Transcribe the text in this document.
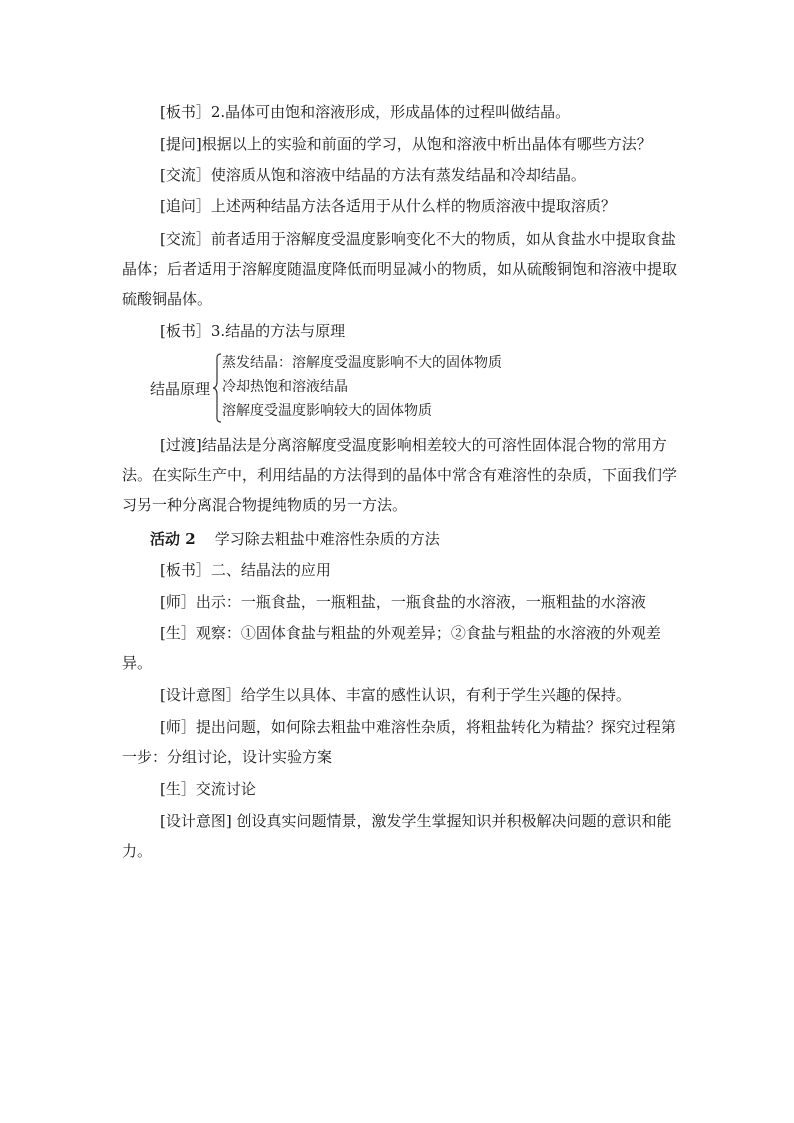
[板书］2.晶体可由饱和溶液形成，形成晶体的过程叫做结晶。

[提问]根据以上的实验和前面的学习，从饱和溶液中析出晶体有哪些方法？

[交流］使溶质从饱和溶液中结晶的方法有蒸发结晶和冷却结晶。

[追问］上述两种结晶方法各适用于从什么样的物质溶液中提取溶质？

[交流］前者适用于溶解度受温度影响变化不大的物质，如从食盐水中提取食盐晶体；后者适用于溶解度随温度降低而明显减小的物质，如从硫酸铜饱和溶液中提取硫酸铜晶体。

[板书］3.结晶的方法与原理

结晶原理
蒸发结晶：溶解度受温度影响不大的固体物质
冷却热饱和溶液结晶
溶解度受温度影响较大的固体物质

[过渡]结晶法是分离溶解度受温度影响相差较大的可溶性固体混合物的常用方法。在实际生产中，利用结晶的方法得到的晶体中常含有难溶性的杂质，下面我们学习另一种分离混合物提纯物质的另一方法。

活动 2 学习除去粗盐中难溶性杂质的方法

[板书］二、结晶法的应用

[师］出示：一瓶食盐，一瓶粗盐，一瓶食盐的水溶液，一瓶粗盐的水溶液

[生］观察：①固体食盐与粗盐的外观差异；②食盐与粗盐的水溶液的外观差异。

[设计意图］给学生以具体、丰富的感性认识，有利于学生兴趣的保持。

[师］提出问题，如何除去粗盐中难溶性杂质，将粗盐转化为精盐？探究过程第一步：分组讨论，设计实验方案

[生］交流讨论

[设计意图] 创设真实问题情景，激发学生掌握知识并积极解决问题的意识和能力。
